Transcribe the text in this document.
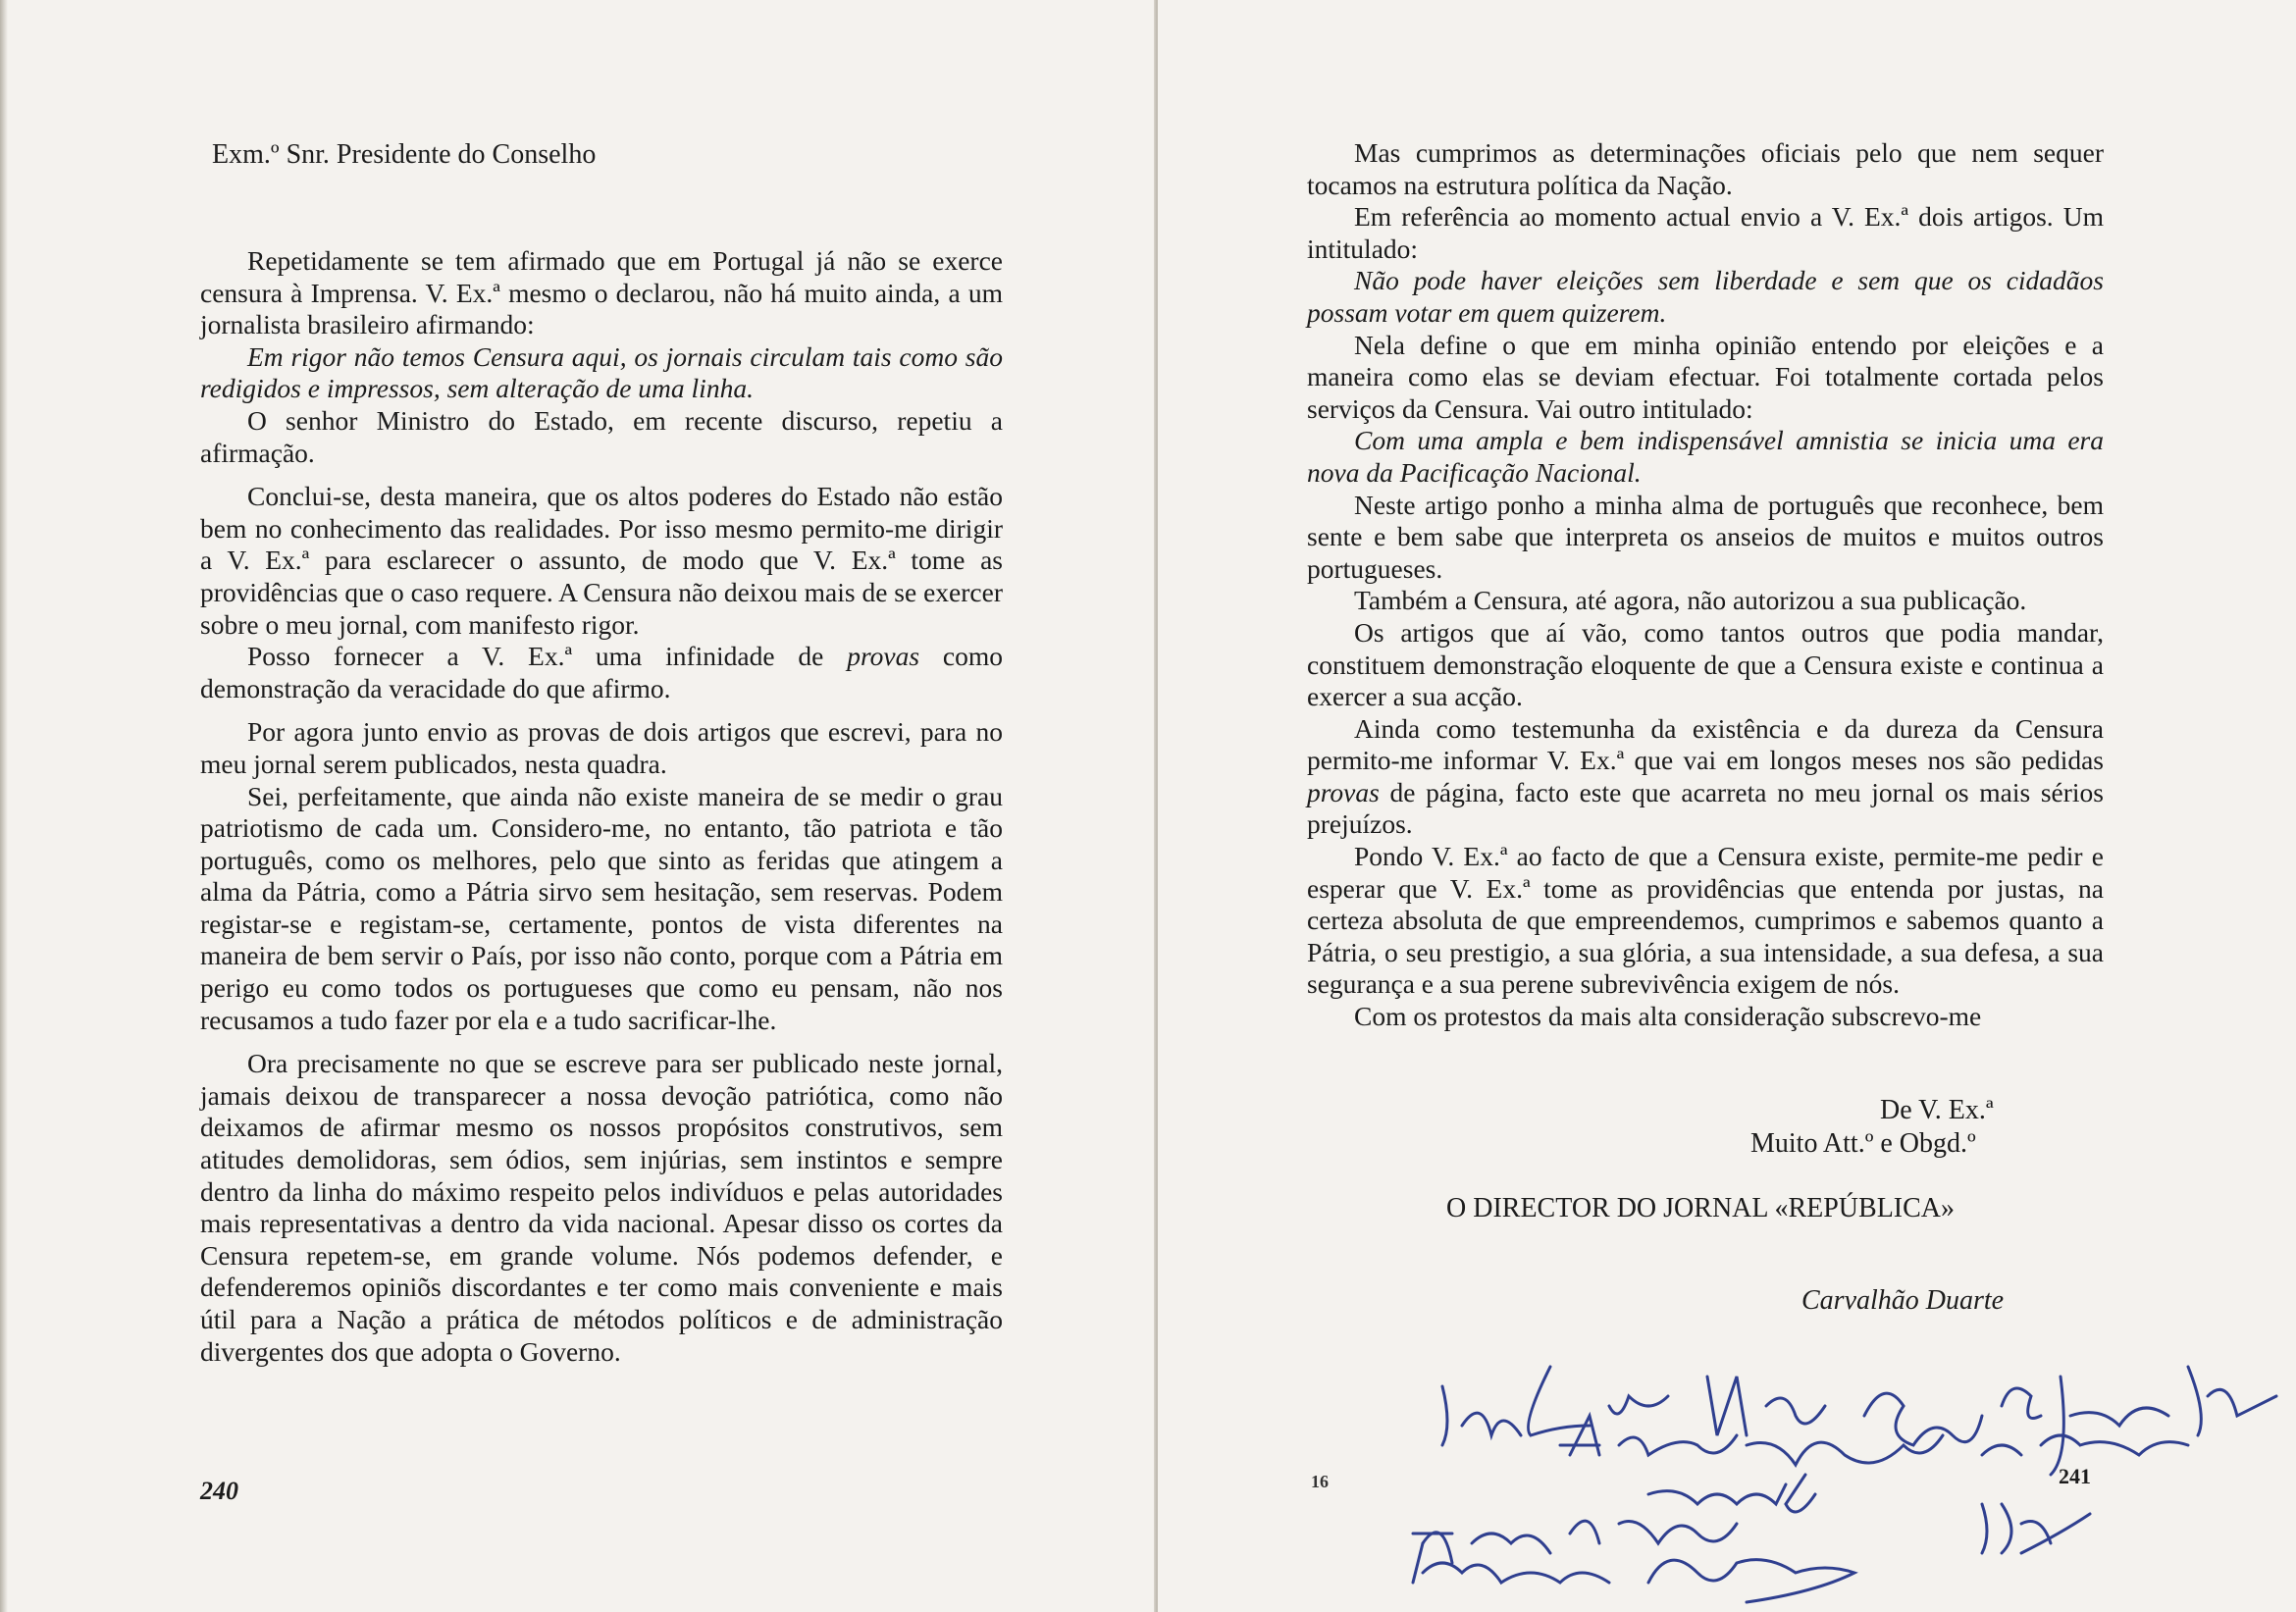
Exm.º Snr. Presidente do Conselho

Repetidamente se tem afirmado que em Portugal já não se exerce censura à Imprensa. V. Ex.ª mesmo o declarou, não há muito ainda, a um jornalista brasileiro afirmando:

Em rigor não temos Censura aqui, os jornais circulam tais como são redigidos e impressos, sem alteração de uma linha.

O senhor Ministro do Estado, em recente discurso, repetiu a afirmação.

Conclui-se, desta maneira, que os altos poderes do Estado não estão bem no conhecimento das realidades. Por isso mesmo permito-me dirigir a V. Ex.ª para esclarecer o assunto, de modo que V. Ex.ª tome as providências que o caso requere. A Censura não deixou mais de se exercer sobre o meu jornal, com manifesto rigor.

Posso fornecer a V. Ex.ª uma infinidade de provas como demonstração da veracidade do que afirmo.

Por agora junto envio as provas de dois artigos que escrevi, para no meu jornal serem publicados, nesta quadra.

Sei, perfeitamente, que ainda não existe maneira de se medir o grau patriotismo de cada um. Considero-me, no entanto, tão patriota e tão português, como os melhores, pelo que sinto as feridas que atingem a alma da Pátria, como a Pátria sirvo sem hesitação, sem reservas. Podem registar-se e registam-se, certamente, pontos de vista diferentes na maneira de bem servir o País, por isso não conto, porque com a Pátria em perigo eu como todos os portugueses que como eu pensam, não nos recusamos a tudo fazer por ela e a tudo sacrificar-lhe.

Ora precisamente no que se escreve para ser publicado neste jornal, jamais deixou de transparecer a nossa devoção patriótica, como não deixamos de afirmar mesmo os nossos propósitos construtivos, sem atitudes demolidoras, sem ódios, sem injúrias, sem instintos e sempre dentro da linha do máximo respeito pelos indivíduos e pelas autoridades mais representativas a dentro da vida nacional. Apesar disso os cortes da Censura repetem-se, em grande volume. Nós podemos defender, e defenderemos opiniõs discordantes e ter como mais conveniente e mais útil para a Nação a prática de métodos políticos e de administração divergentes dos que adopta o Governo.

240

Mas cumprimos as determinações oficiais pelo que nem sequer tocamos na estrutura política da Nação.

Em referência ao momento actual envio a V. Ex.ª dois artigos. Um intitulado:

Não pode haver eleições sem liberdade e sem que os cidadãos possam votar em quem quizerem.

Nela define o que em minha opinião entendo por eleições e a maneira como elas se deviam efectuar. Foi totalmente cortada pelos serviços da Censura. Vai outro intitulado:

Com uma ampla e bem indispensável amnistia se inicia uma era nova da Pacificação Nacional.

Neste artigo ponho a minha alma de português que reconhece, bem sente e bem sabe que interpreta os anseios de muitos e muitos outros portugueses.

Também a Censura, até agora, não autorizou a sua publicação.

Os artigos que aí vão, como tantos outros que podia mandar, constituem demonstração eloquente de que a Censura existe e continua a exercer a sua acção.

Ainda como testemunha da existência e da dureza da Censura permito-me informar V. Ex.ª que vai em longos meses nos são pedidas provas de página, facto este que acarreta no meu jornal os mais sérios prejuízos.

Pondo V. Ex.ª ao facto de que a Censura existe, permite-me pedir e esperar que V. Ex.ª tome as providências que entenda por justas, na certeza absoluta de que empreendemos, cumprimos e sabemos quanto a Pátria, o seu prestigio, a sua glória, a sua intensidade, a sua defesa, a sua segurança e a sua perene subrevivência exigem de nós.

Com os protestos da mais alta consideração subscrevo-me

De V. Ex.ª
Muito Att.º e Obgd.º
O DIRECTOR DO JORNAL «REPÚBLICA»
Carvalhão Duarte
16	241
